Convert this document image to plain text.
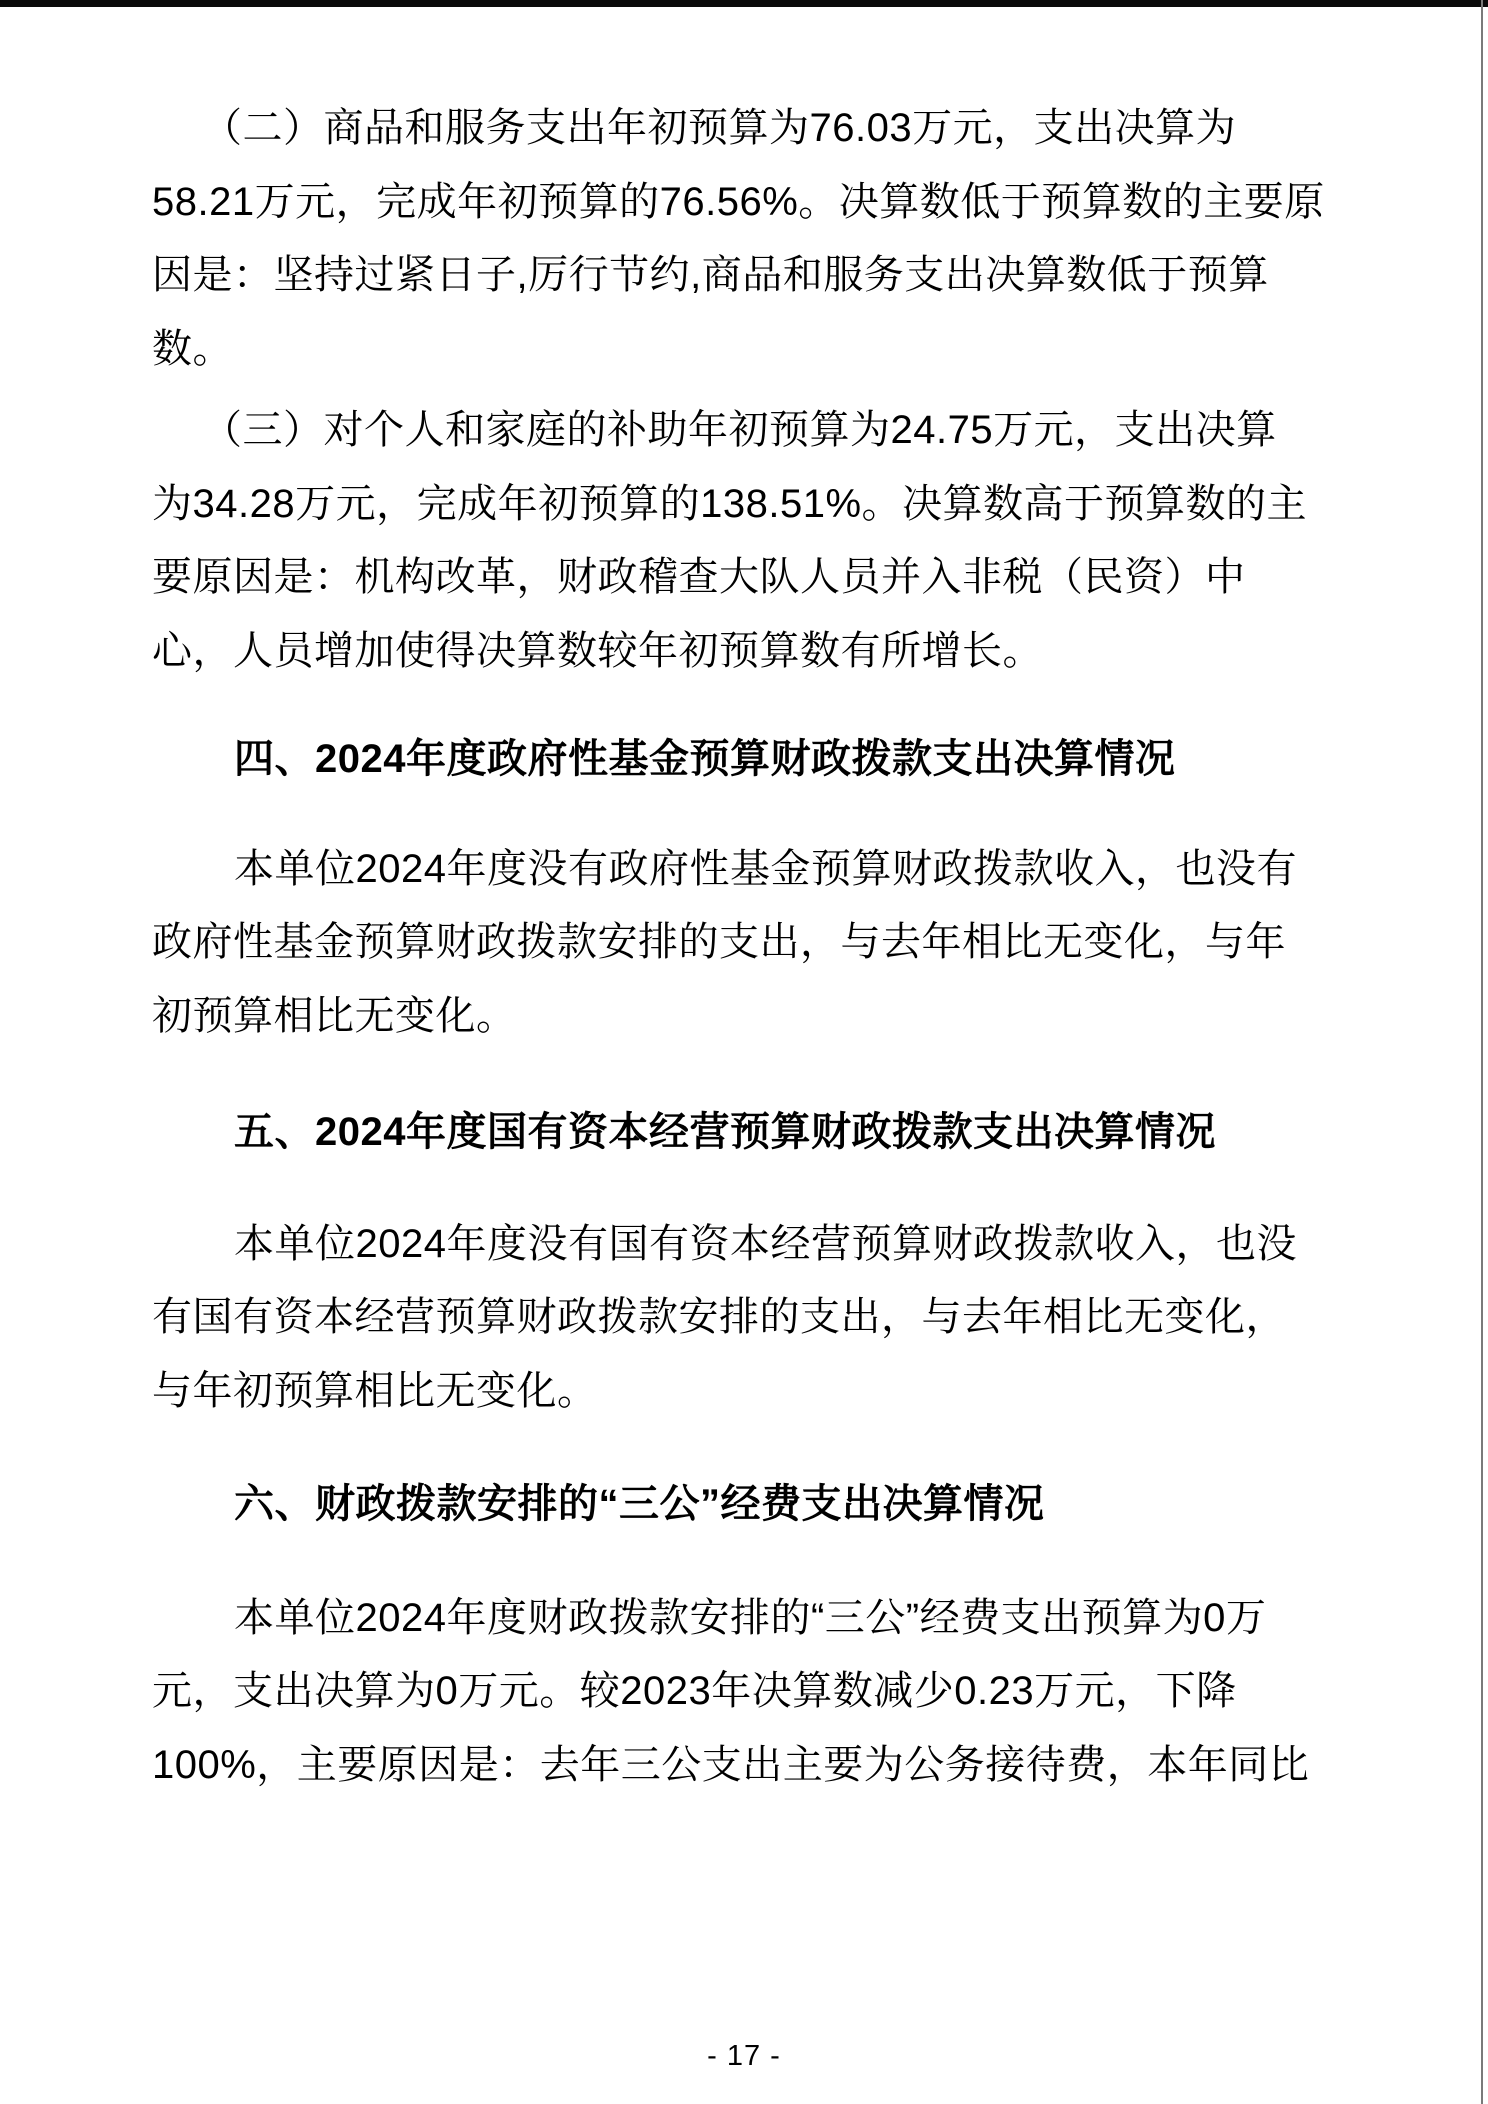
（二）商品和服务支出年初预算为76.03万元，支出决算为
58.21万元，完成年初预算的76.56%。决算数低于预算数的主要原
因是：坚持过紧日子,厉行节约,商品和服务支出决算数低于预算
数。
（三）对个人和家庭的补助年初预算为24.75万元，支出决算
为34.28万元，完成年初预算的138.51%。决算数高于预算数的主
要原因是：机构改革，财政稽查大队人员并入非税（民资）中
心，人员增加使得决算数较年初预算数有所增长。
四、2024年度政府性基金预算财政拨款支出决算情况
本单位2024年度没有政府性基金预算财政拨款收入，也没有
政府性基金预算财政拨款安排的支出，与去年相比无变化，与年
初预算相比无变化。
五、2024年度国有资本经营预算财政拨款支出决算情况
本单位2024年度没有国有资本经营预算财政拨款收入，也没
有国有资本经营预算财政拨款安排的支出，与去年相比无变化，
与年初预算相比无变化。
六、财政拨款安排的“三公”经费支出决算情况
本单位2024年度财政拨款安排的“三公”经费支出预算为0万
元，支出决算为0万元。较2023年决算数减少0.23万元，下降
100%，主要原因是：去年三公支出主要为公务接待费，本年同比
- 17 -
